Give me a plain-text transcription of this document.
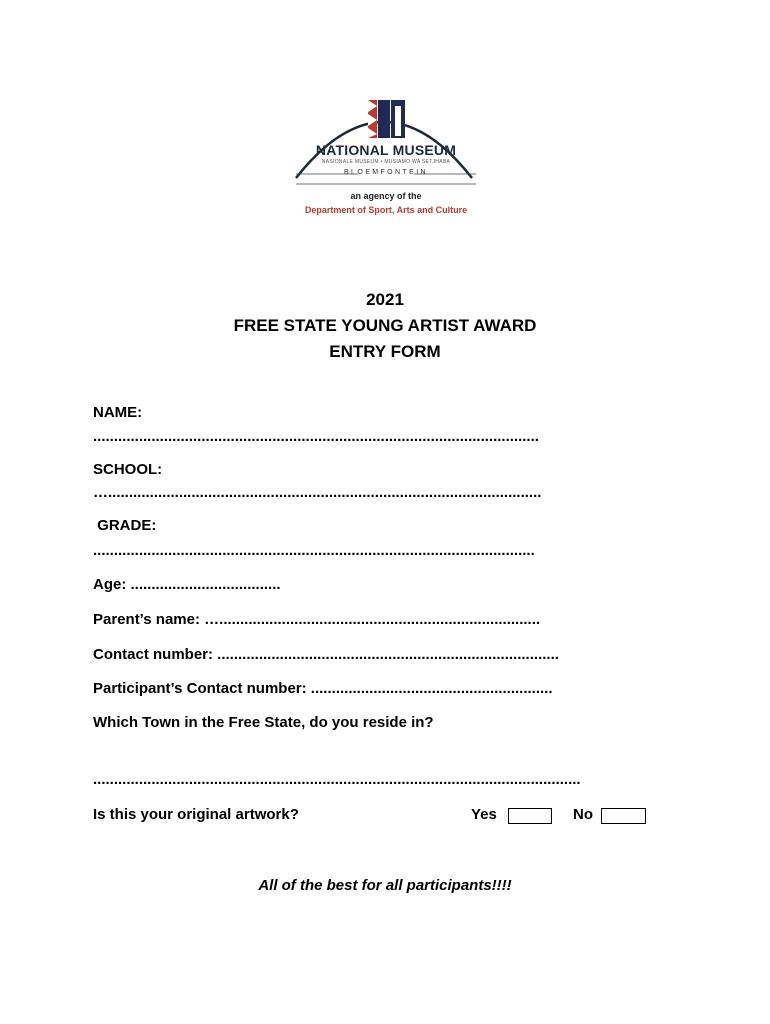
NATIONAL MUSEUM
NASIONALE MUSEUM • MUSIAMO WA SETJHABA
BLOEMFONTEIN
an agency of the
Department of Sport, Arts and Culture
2021
FREE STATE YOUNG ARTIST AWARD
ENTRY FORM
NAME:
...........................................................................................................
SCHOOL:
…........................................................................................................
GRADE:
..........................................................................................................
Age: ....................................
Parent’s name: ….............................................................................
Contact number: ..................................................................................
Participant’s Contact number: ..........................................................
Which Town in the Free State, do you reside in?
.....................................................................................................................
Is this your original artwork?	Yes	No
All of the best for all participants!!!!
